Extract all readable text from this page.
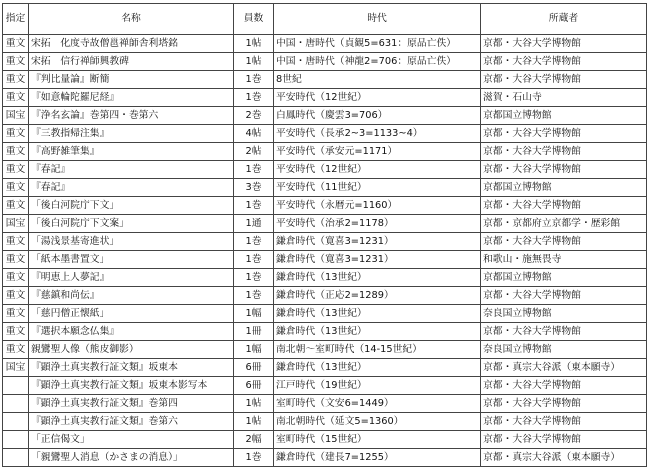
指定	名称	員数	時代	所蔵者
重文	宋拓　化度寺故僧邕禅師舎利塔銘	1帖	中国・唐時代（貞観5=631：原品亡佚）	京都・大谷大学博物館
重文	宋拓　信行禅師興教碑	1帖	中国・唐時代（神龍2=706：原品亡佚）	京都・大谷大学博物館
重文	『判比量論』断簡	1巻	8世紀	京都・大谷大学博物館
重文	『如意輪陀羅尼経』	1巻	平安時代（12世紀）	滋賀・石山寺
国宝	『浄名玄論』巻第四・巻第六	2巻	白鳳時代（慶雲3=706）	京都国立博物館
重文	『三教指帰注集』	4帖	平安時代（長承2~3=1133~4）	京都・大谷大学博物館
重文	『高野雑筆集』	2帖	平安時代（承安元=1171）	京都・大谷大学博物館
重文	『春記』	1巻	平安時代（12世紀）	京都・大谷大学博物館
重文	『春記』	3巻	平安時代（11世紀）	京都国立博物館
重文	「後白河院庁下文」	1巻	平安時代（永暦元=1160）	京都・大谷大学博物館
国宝	「後白河院庁下文案」	1通	平安時代（治承2=1178）	京都・京都府立京都学・歴彩館
重文	「湯浅景基寄進状」	1巻	鎌倉時代（寛喜3=1231）	京都・大谷大学博物館
重文	「紙本墨書置文」	1巻	鎌倉時代（寛喜3=1231）	和歌山・施無畏寺
重文	『明恵上人夢記』	1巻	鎌倉時代（13世紀）	京都国立博物館
重文	『慈鎮和尚伝』	1巻	鎌倉時代（正応2=1289）	京都・大谷大学博物館
重文	「慈円僧正懐紙」	1幅	鎌倉時代（13世紀）	奈良国立博物館
重文	『選択本願念仏集』	1冊	鎌倉時代（13世紀）	京都・大谷大学博物館
重文	親鸞聖人像（熊皮御影）	1幅	南北朝～室町時代（14-15世紀）	奈良国立博物館
国宝	『顕浄土真実教行証文類』坂東本	6冊	鎌倉時代（13世紀）	京都・真宗大谷派（東本願寺）
	『顕浄土真実教行証文類』坂東本影写本	6冊	江戸時代（19世紀）	京都・大谷大学博物館
	『顕浄土真実教行証文類』巻第四	1帖	室町時代（文安6=1449）	京都・大谷大学博物館
	『顕浄土真実教行証文類』巻第六	1帖	南北朝時代（延文5=1360）	京都・大谷大学博物館
	「正信偈文」	2幅	室町時代（15世紀）	京都・大谷大学博物館
	「親鸞聖人消息（かさまの消息）」	1巻	鎌倉時代（建長7=1255）	京都・真宗大谷派（東本願寺）
